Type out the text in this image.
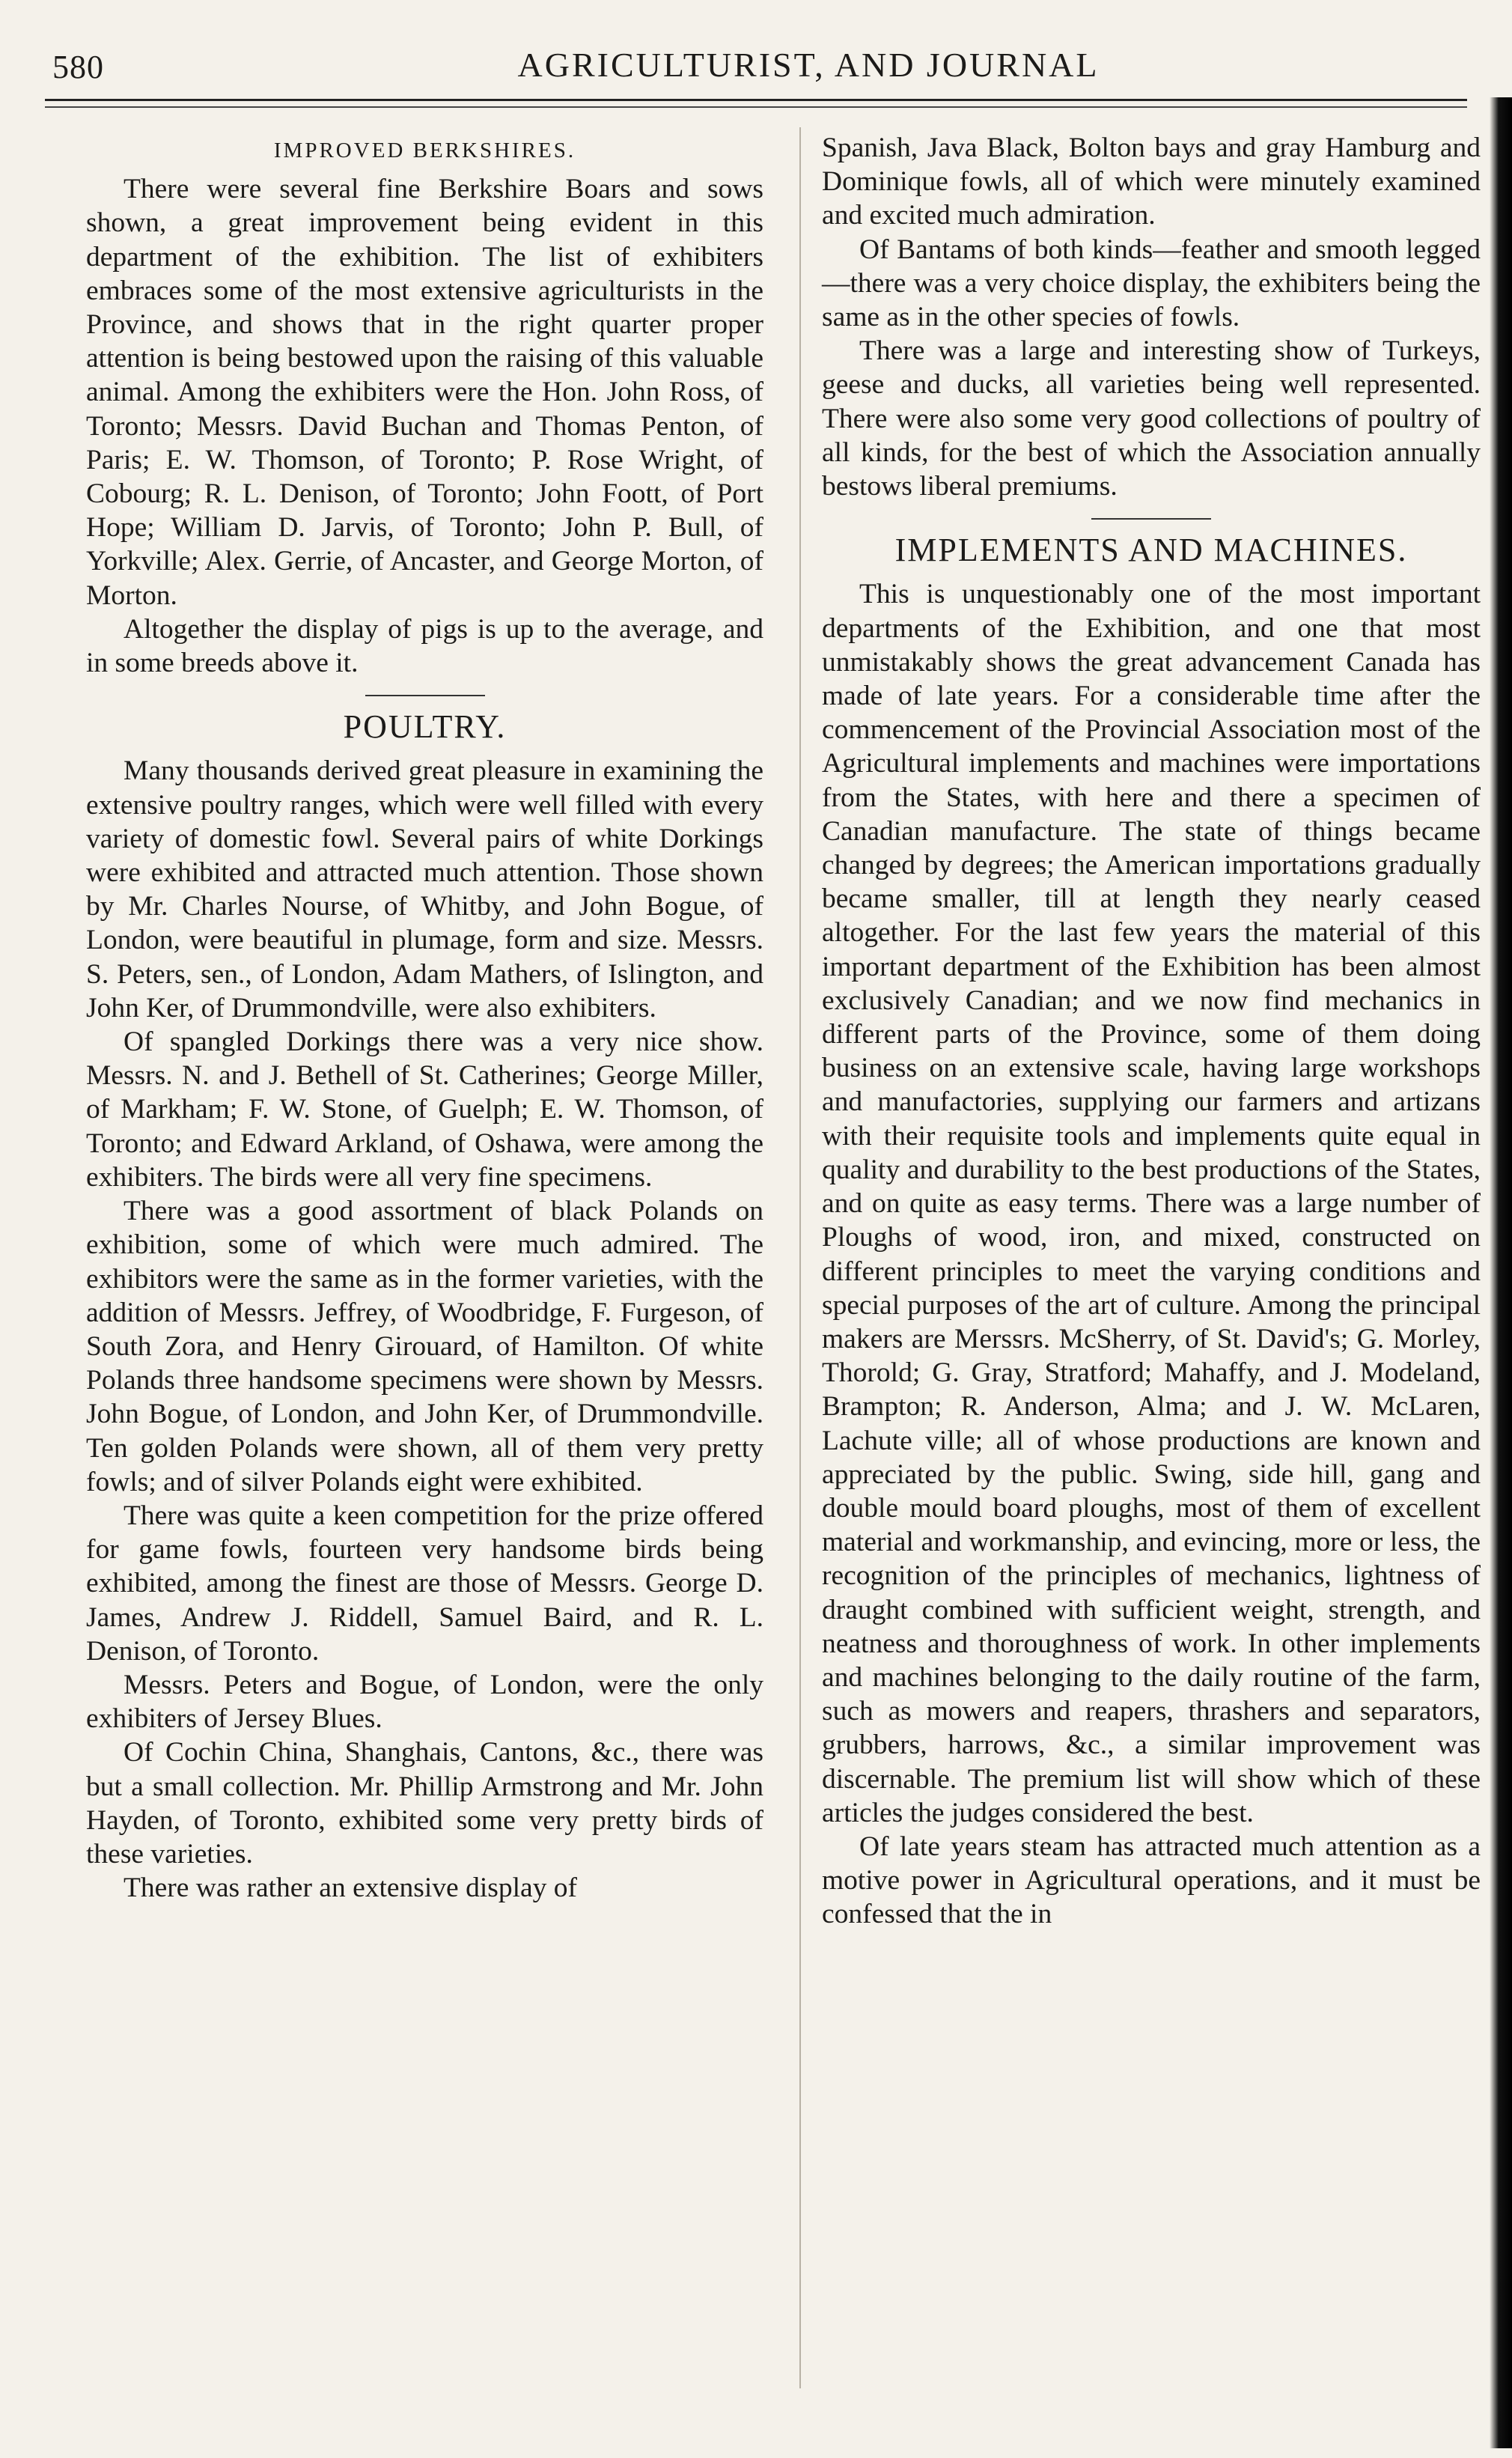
580	AGRICULTURIST, AND JOURNAL
IMPROVED BERKSHIRES.

There were several fine Berkshire Boars and sows shown, a great improvement being evident in this department of the exhibition. The list of exhibiters embraces some of the most extensive agriculturists in the Province, and shows that in the right quarter proper attention is being bestowed upon the raising of this valuable animal. Among the exhibiters were the Hon. John Ross, of Toronto; Messrs. David Buchan and Thomas Penton, of Paris; E. W. Thomson, of Toronto; P. Rose Wright, of Cobourg; R. L. Denison, of Toronto; John Foott, of Port Hope; William D. Jarvis, of Toronto; John P. Bull, of Yorkville; Alex. Gerrie, of Ancaster, and George Morton, of Morton.

Altogether the display of pigs is up to the average, and in some breeds above it.

POULTRY.

Many thousands derived great pleasure in examining the extensive poultry ranges, which were well filled with every variety of domestic fowl. Several pairs of white Dorkings were exhibited and attracted much attention. Those shown by Mr. Charles Nourse, of Whitby, and John Bogue, of London, were beautiful in plumage, form and size. Messrs. S. Peters, sen., of London, Adam Mathers, of Islington, and John Ker, of Drummondville, were also exhibiters.

Of spangled Dorkings there was a very nice show. Messrs. N. and J. Bethell of St. Catherines; George Miller, of Markham; F. W. Stone, of Guelph; E. W. Thomson, of Toronto; and Edward Arkland, of Oshawa, were among the exhibiters. The birds were all very fine specimens.

There was a good assortment of black Polands on exhibition, some of which were much admired. The exhibitors were the same as in the former varieties, with the addition of Messrs. Jeffrey, of Woodbridge, F. Furgeson, of South Zora, and Henry Girouard, of Hamilton. Of white Polands three handsome specimens were shown by Messrs. John Bogue, of London, and John Ker, of Drummondville. Ten golden Polands were shown, all of them very pretty fowls; and of silver Polands eight were exhibited.

There was quite a keen competition for the prize offered for game fowls, fourteen very handsome birds being exhibited, among the finest are those of Messrs. George D. James, Andrew J. Riddell, Samuel Baird, and R. L. Denison, of Toronto.

Messrs. Peters and Bogue, of London, were the only exhibiters of Jersey Blues.

Of Cochin China, Shanghais, Cantons, &c., there was but a small collection. Mr. Phillip Armstrong and Mr. John Hayden, of Toronto, exhibited some very pretty birds of these varieties.

There was rather an extensive display of

Spanish, Java Black, Bolton bays and gray Hamburg and Dominique fowls, all of which were minutely examined and excited much admiration.

Of Bantams of both kinds—feather and smooth legged—there was a very choice display, the exhibiters being the same as in the other species of fowls.

There was a large and interesting show of Turkeys, geese and ducks, all varieties being well represented. There were also some very good collections of poultry of all kinds, for the best of which the Association annually bestows liberal premiums.

IMPLEMENTS AND MACHINES.

This is unquestionably one of the most important departments of the Exhibition, and one that most unmistakably shows the great advancement Canada has made of late years. For a considerable time after the commencement of the Provincial Association most of the Agricultural implements and machines were importations from the States, with here and there a specimen of Canadian manufacture. The state of things became changed by degrees; the American importations gradually became smaller, till at length they nearly ceased altogether. For the last few years the material of this important department of the Exhibition has been almost exclusively Canadian; and we now find mechanics in different parts of the Province, some of them doing business on an extensive scale, having large workshops and manufactories, supplying our farmers and artizans with their requisite tools and implements quite equal in quality and durability to the best productions of the States, and on quite as easy terms. There was a large number of Ploughs of wood, iron, and mixed, constructed on different principles to meet the varying conditions and special purposes of the art of culture. Among the principal makers are Merssrs. McSherry, of St. David's; G. Morley, Thorold; G. Gray, Stratford; Mahaffy, and J. Modeland, Brampton; R. Anderson, Alma; and J. W. McLaren, Lachute ville; all of whose productions are known and appreciated by the public. Swing, side hill, gang and double mould board ploughs, most of them of excellent material and workmanship, and evincing, more or less, the recognition of the principles of mechanics, lightness of draught combined with sufficient weight, strength, and neatness and thoroughness of work. In other implements and machines belonging to the daily routine of the farm, such as mowers and reapers, thrashers and separators, grubbers, harrows, &c., a similar improvement was discernable. The premium list will show which of these articles the judges considered the best.

Of late years steam has attracted much attention as a motive power in Agricultural operations, and it must be confessed that the in
